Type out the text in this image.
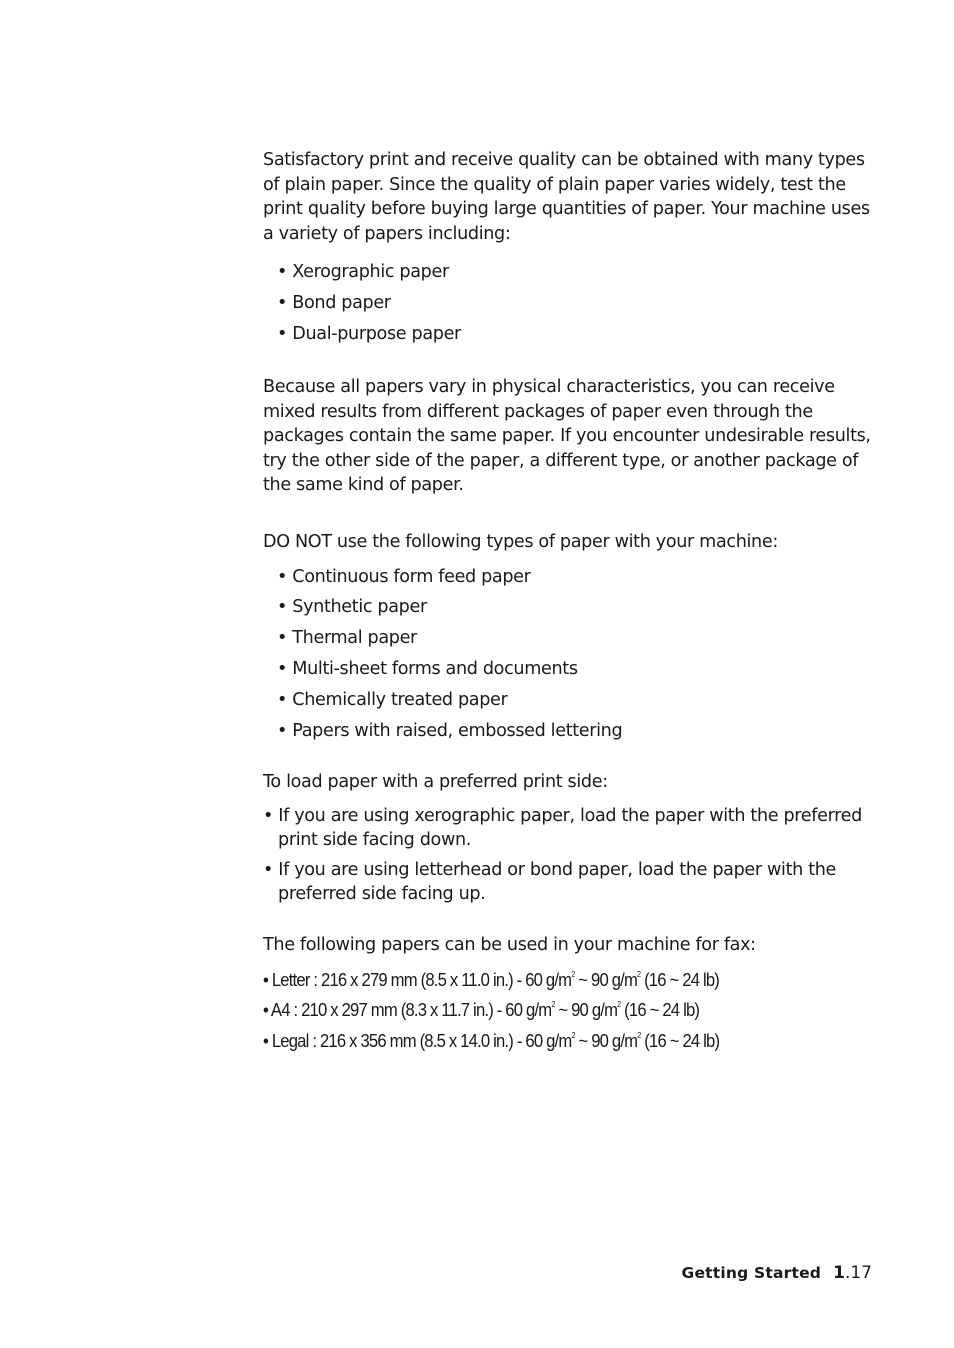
Satisfactory print and receive quality can be obtained with many types of plain paper. Since the quality of plain paper varies widely, test the print quality before buying large quantities of paper. Your machine uses a variety of papers including:

• Xerographic paper
• Bond paper
• Dual-purpose paper

Because all papers vary in physical characteristics, you can receive mixed results from different packages of paper even through the packages contain the same paper. If you encounter undesirable results, try the other side of the paper, a different type, or another package of the same kind of paper.

DO NOT use the following types of paper with your machine:

• Continuous form feed paper
• Synthetic paper
• Thermal paper
• Multi-sheet forms and documents
• Chemically treated paper
• Papers with raised, embossed lettering

To load paper with a preferred print side:

• If you are using xerographic paper, load the paper with the preferred print side facing down.
• If you are using letterhead or bond paper, load the paper with the preferred side facing up.

The following papers can be used in your machine for fax:

• Letter : 216 x 279 mm (8.5 x 11.0 in.) - 60 $g/m^2$ ~ 90 $g/m^2$ (16 ~ 24 lb)
• A4 : 210 x 297 mm (8.3 x 11.7 in.) - 60 $g/m^2$ ~ 90 $g/m^2$ (16 ~ 24 lb)
• Legal : 216 x 356 mm (8.5 x 14.0 in.) - 60 $g/m^2$ ~ 90 $g/m^2$ (16 ~ 24 lb)
Getting Started 1.17
